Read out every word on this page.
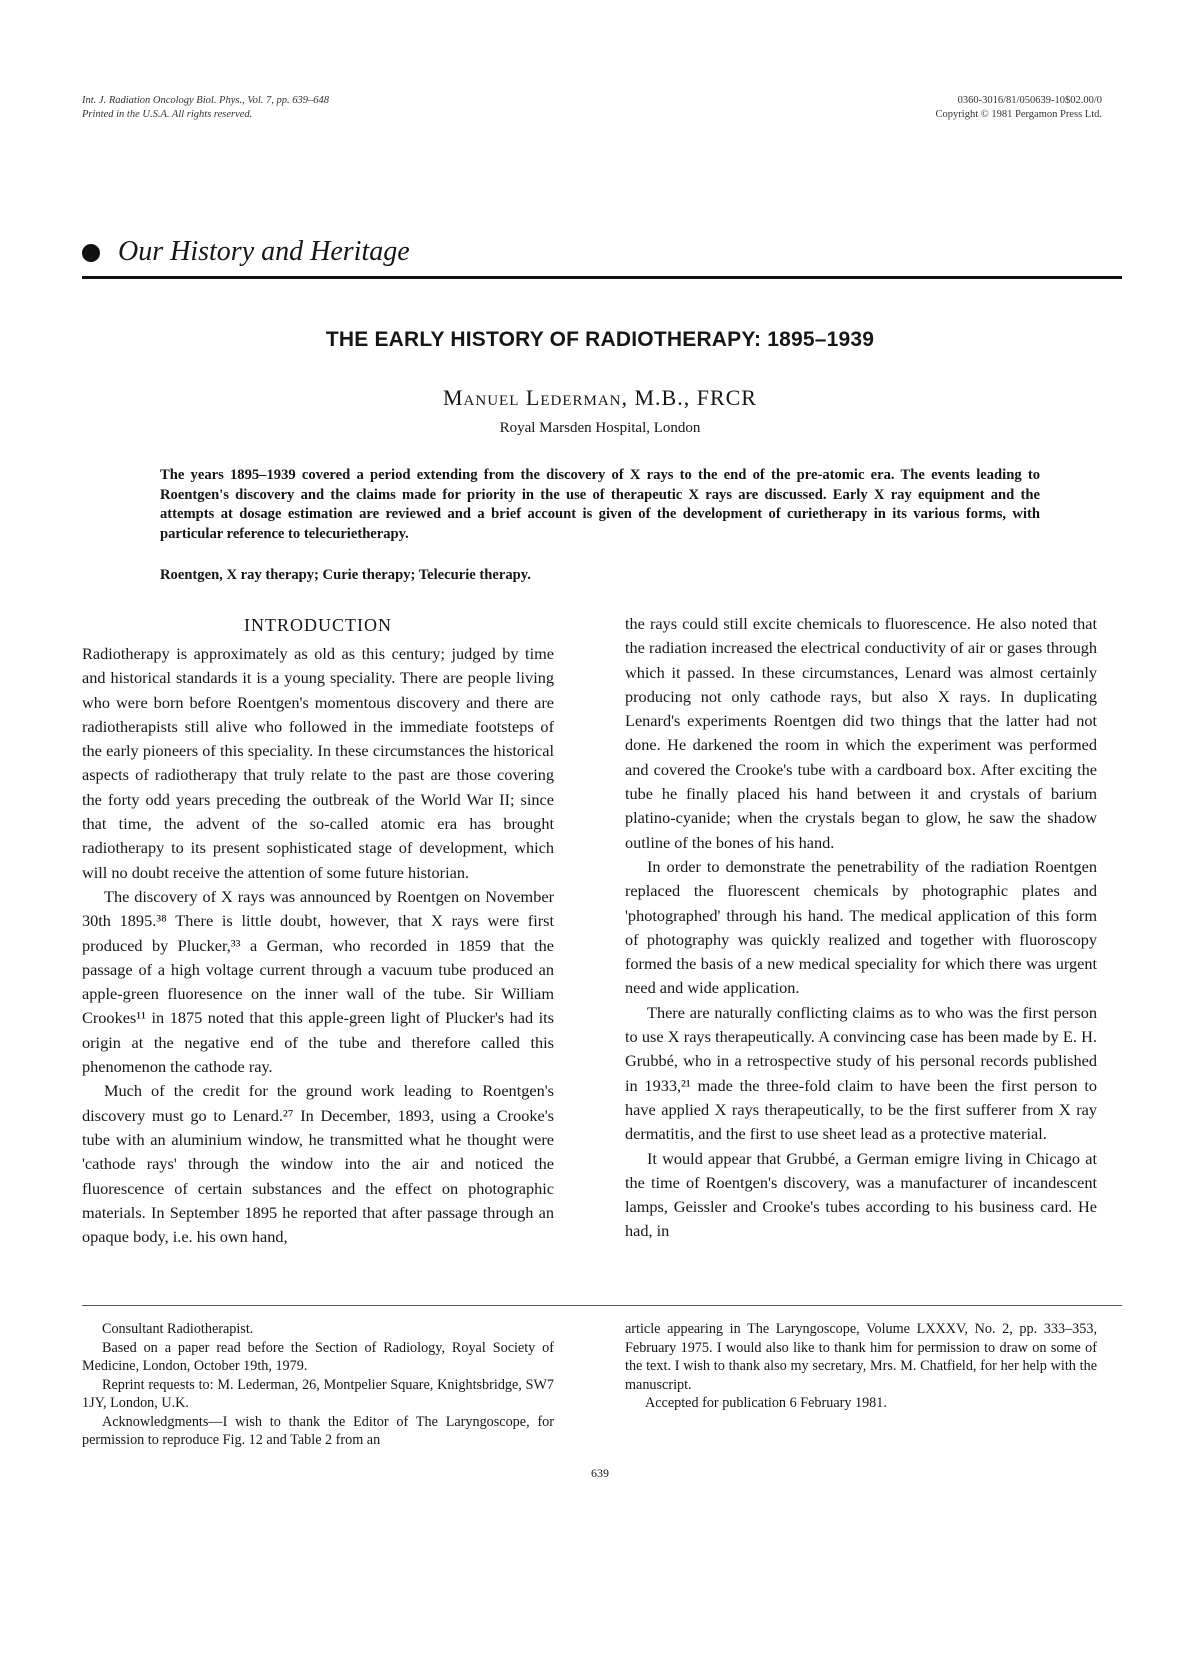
Int. J. Radiation Oncology Biol. Phys., Vol. 7, pp. 639–648
Printed in the U.S.A. All rights reserved.
0360-3016/81/050639-10$02.00/0
Copyright © 1981 Pergamon Press Ltd.
Our History and Heritage
THE EARLY HISTORY OF RADIOTHERAPY: 1895–1939
Manuel Lederman, M.B., FRCR
Royal Marsden Hospital, London
The years 1895–1939 covered a period extending from the discovery of X rays to the end of the pre-atomic era. The events leading to Roentgen's discovery and the claims made for priority in the use of therapeutic X rays are discussed. Early X ray equipment and the attempts at dosage estimation are reviewed and a brief account is given of the development of curietherapy in its various forms, with particular reference to telecurietherapy.
Roentgen, X ray therapy; Curie therapy; Telecurie therapy.
INTRODUCTION

Radiotherapy is approximately as old as this century; judged by time and historical standards it is a young speciality. There are people living who were born before Roentgen's momentous discovery and there are radiotherapists still alive who followed in the immediate footsteps of the early pioneers of this speciality. In these circumstances the historical aspects of radiotherapy that truly relate to the past are those covering the forty odd years preceding the outbreak of the World War II; since that time, the advent of the so-called atomic era has brought radiotherapy to its present sophisticated stage of development, which will no doubt receive the attention of some future historian.

The discovery of X rays was announced by Roentgen on November 30th 1895.³⁸ There is little doubt, however, that X rays were first produced by Plucker,³³ a German, who recorded in 1859 that the passage of a high voltage current through a vacuum tube produced an apple-green fluoresence on the inner wall of the tube. Sir William Crookes¹¹ in 1875 noted that this apple-green light of Plucker's had its origin at the negative end of the tube and therefore called this phenomenon the cathode ray.

Much of the credit for the ground work leading to Roentgen's discovery must go to Lenard.²⁷ In December, 1893, using a Crooke's tube with an aluminium window, he transmitted what he thought were 'cathode rays' through the window into the air and noticed the fluorescence of certain substances and the effect on photographic materials. In September 1895 he reported that after passage through an opaque body, i.e. his own hand,

the rays could still excite chemicals to fluorescence. He also noted that the radiation increased the electrical conductivity of air or gases through which it passed. In these circumstances, Lenard was almost certainly producing not only cathode rays, but also X rays. In duplicating Lenard's experiments Roentgen did two things that the latter had not done. He darkened the room in which the experiment was performed and covered the Crooke's tube with a cardboard box. After exciting the tube he finally placed his hand between it and crystals of barium platino-cyanide; when the crystals began to glow, he saw the shadow outline of the bones of his hand.

In order to demonstrate the penetrability of the radiation Roentgen replaced the fluorescent chemicals by photographic plates and 'photographed' through his hand. The medical application of this form of photography was quickly realized and together with fluoroscopy formed the basis of a new medical speciality for which there was urgent need and wide application.

There are naturally conflicting claims as to who was the first person to use X rays therapeutically. A convincing case has been made by E. H. Grubbé, who in a retrospective study of his personal records published in 1933,²¹ made the three-fold claim to have been the first person to have applied X rays therapeutically, to be the first sufferer from X ray dermatitis, and the first to use sheet lead as a protective material.

It would appear that Grubbé, a German emigre living in Chicago at the time of Roentgen's discovery, was a manufacturer of incandescent lamps, Geissler and Crooke's tubes according to his business card. He had, in

Consultant Radiotherapist.

Based on a paper read before the Section of Radiology, Royal Society of Medicine, London, October 19th, 1979.

Reprint requests to: M. Lederman, 26, Montpelier Square, Knightsbridge, SW7 1JY, London, U.K.

Acknowledgments—I wish to thank the Editor of The Laryngoscope, for permission to reproduce Fig. 12 and Table 2 from an

article appearing in The Laryngoscope, Volume LXXXV, No. 2, pp. 333–353, February 1975. I would also like to thank him for permission to draw on some of the text. I wish to thank also my secretary, Mrs. M. Chatfield, for her help with the manuscript.

Accepted for publication 6 February 1981.

639
